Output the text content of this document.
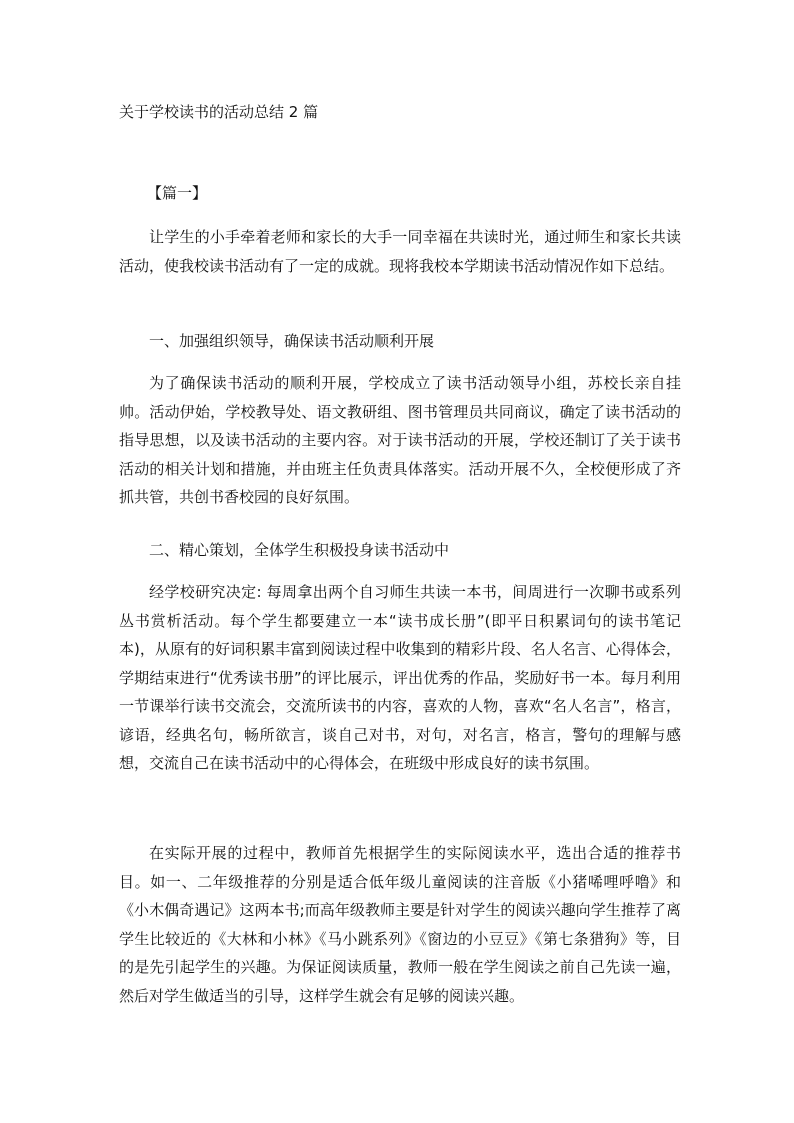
关于学校读书的活动总结 2 篇
【篇一】

让学生的小手牵着老师和家长的大手一同幸福在共读时光，通过师生和家长共读活动，使我校读书活动有了一定的成就。现将我校本学期读书活动情况作如下总结。

一、加强组织领导，确保读书活动顺利开展

为了确保读书活动的顺利开展，学校成立了读书活动领导小组，苏校长亲自挂帅。活动伊始，学校教导处、语文教研组、图书管理员共同商议，确定了读书活动的指导思想，以及读书活动的主要内容。对于读书活动的开展，学校还制订了关于读书活动的相关计划和措施，并由班主任负责具体落实。活动开展不久，全校便形成了齐抓共管，共创书香校园的良好氛围。

二、精心策划，全体学生积极投身读书活动中

经学校研究决定: 每周拿出两个自习师生共读一本书，间周进行一次聊书或系列丛书赏析活动。每个学生都要建立一本“读书成长册”(即平日积累词句的读书笔记本)，从原有的好词积累丰富到阅读过程中收集到的精彩片段、名人名言、心得体会，学期结束进行“优秀读书册”的评比展示，评出优秀的作品，奖励好书一本。每月利用一节课举行读书交流会，交流所读书的内容，喜欢的人物，喜欢“名人名言”，格言，谚语，经典名句，畅所欲言，谈自己对书，对句，对名言，格言，警句的理解与感想，交流自己在读书活动中的心得体会，在班级中形成良好的读书氛围。

在实际开展的过程中，教师首先根据学生的实际阅读水平，选出合适的推荐书目。如一、二年级推荐的分别是适合低年级儿童阅读的注音版《小猪唏哩呼噜》和《小木偶奇遇记》这两本书;而高年级教师主要是针对学生的阅读兴趣向学生推荐了离学生比较近的《大林和小林》《马小跳系列》《窗边的小豆豆》《第七条猎狗》等，目的是先引起学生的兴趣。为保证阅读质量，教师一般在学生阅读之前自己先读一遍，然后对学生做适当的引导，这样学生就会有足够的阅读兴趣。
